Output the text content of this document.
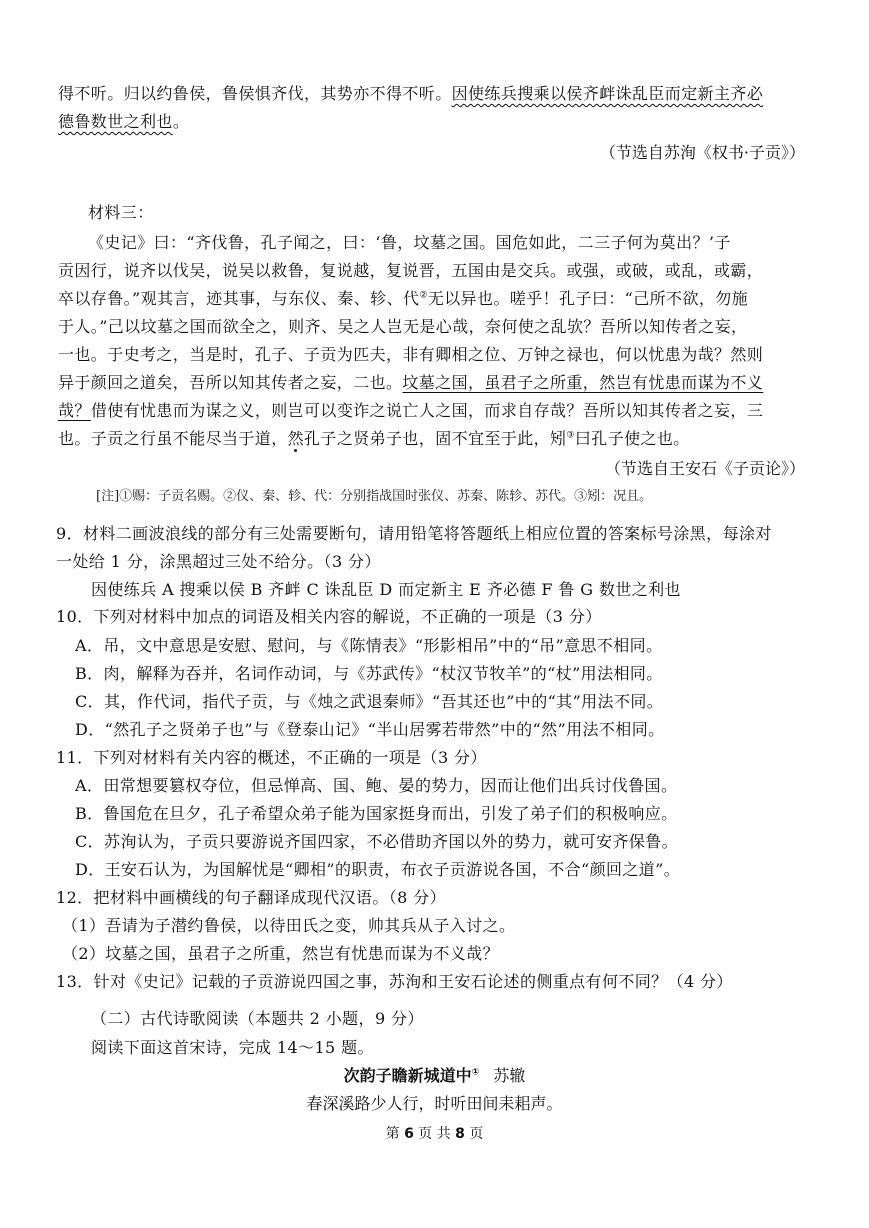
得不听。归以约鲁侯，鲁侯惧齐伐，其势亦不得不听。因使练兵搜乘以侯齐衅诛乱臣而定新主齐必
德鲁数世之利也。
（节选自苏洵《权书·子贡》）
材料三：
《史记》曰：“齐伐鲁，孔子闻之，曰：‘鲁，坟墓之国。国危如此，二三子何为莫出？’子
贡因行，说齐以伐吴，说吴以救鲁，复说越，复说晋，五国由是交兵。或强，或破，或乱，或霸，
卒以存鲁。”观其言，迹其事，与东仪、秦、轸、代②无以异也。嗟乎！孔子曰：“己所不欲，勿施
于人。”己以坟墓之国而欲全之，则齐、吴之人岂无是心哉，奈何使之乱欤？吾所以知传者之妄，
一也。于史考之，当是时，孔子、子贡为匹夫，非有卿相之位、万钟之禄也，何以忧患为哉？然则
异于颜回之道矣，吾所以知其传者之妄，二也。坟墓之国，虽君子之所重，然岂有忧患而谋为不义
哉？借使有忧患而为谋之义，则岂可以变诈之说亡人之国，而求自存哉？吾所以知其传者之妄，三
也。子贡之行虽不能尽当于道，然孔子之贤弟子也，固不宜至于此，矧③曰孔子使之也。
（节选自王安石《子贡论》）
[注]①赐：子贡名赐。②仪、秦、轸、代：分别指战国时张仪、苏秦、陈轸、苏代。③矧：况且。
9．材料二画波浪线的部分有三处需要断句，请用铅笔将答题纸上相应位置的答案标号涂黑，每涂对
一处给 1 分，涂黑超过三处不给分。（3 分）
因使练兵 A 搜乘以侯 B 齐衅 C 诛乱臣 D 而定新主 E 齐必德 F 鲁 G 数世之利也
10．下列对材料中加点的词语及相关内容的解说，不正确的一项是（3 分）
A．吊，文中意思是安慰、慰问，与《陈情表》“形影相吊”中的“吊”意思不相同。
B．肉，解释为吞并，名词作动词，与《苏武传》“杖汉节牧羊”的“杖”用法相同。
C．其，作代词，指代子贡，与《烛之武退秦师》“吾其还也”中的“其”用法不同。
D．“然孔子之贤弟子也”与《登泰山记》“半山居雾若带然”中的“然”用法不相同。
11．下列对材料有关内容的概述，不正确的一项是（3 分）
A．田常想要篡权夺位，但忌惮高、国、鲍、晏的势力，因而让他们出兵讨伐鲁国。
B．鲁国危在旦夕，孔子希望众弟子能为国家挺身而出，引发了弟子们的积极响应。
C．苏洵认为，子贡只要游说齐国四家，不必借助齐国以外的势力，就可安齐保鲁。
D．王安石认为，为国解忧是“卿相”的职责，布衣子贡游说各国，不合“颜回之道”。
12．把材料中画横线的句子翻译成现代汉语。（8 分）
（1）吾请为子潜约鲁侯，以待田氏之变，帅其兵从子入讨之。
（2）坟墓之国，虽君子之所重，然岂有忧患而谋为不义哉？
13．针对《史记》记载的子贡游说四国之事，苏洵和王安石论述的侧重点有何不同？（4 分）
（二）古代诗歌阅读（本题共 2 小题，9 分）
阅读下面这首宋诗，完成 14～15 题。
次韵子瞻新城道中① 苏辙
春深溪路少人行，时听田间耒耜声。
第 6 页 共 8 页
